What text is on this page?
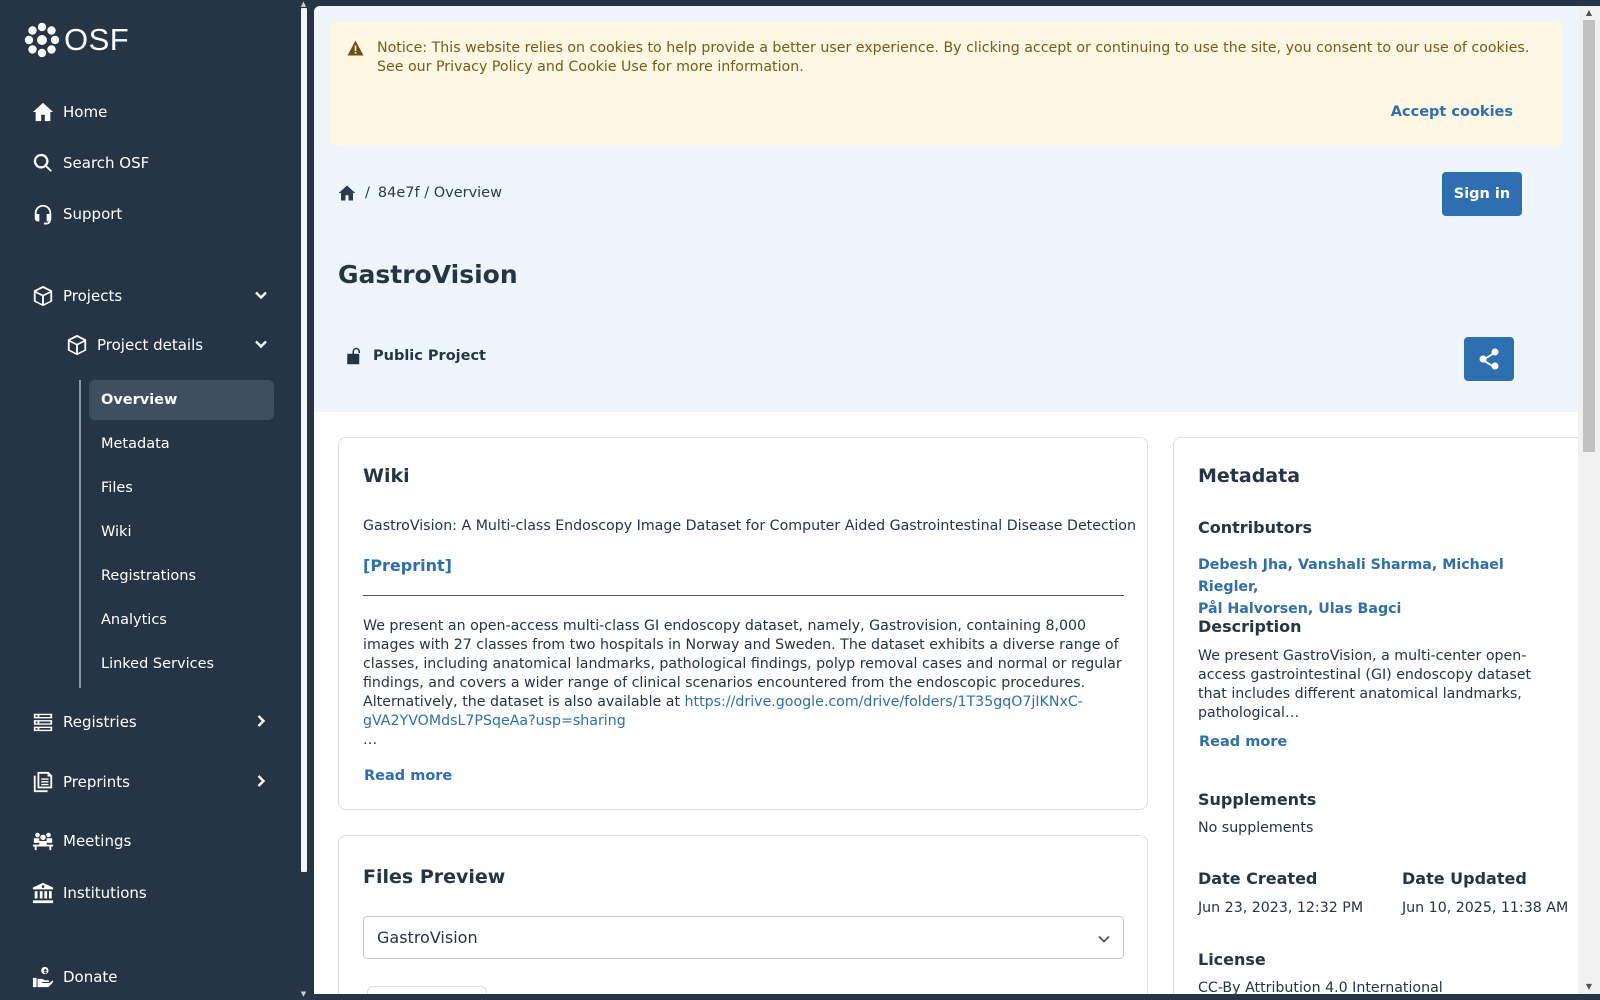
OSF
Home
Search OSF
Support
Projects
Project details
Overview
Metadata
Files
Wiki
Registrations
Analytics
Linked Services
Registries
Preprints
Meetings
Institutions
Donate
▲
▼
Notice: This website relies on cookies to help provide a better user experience. By clicking accept or continuing to use the site, you consent to our use of cookies. See our Privacy Policy and Cookie Use for more information.
Accept cookies
/ 84e7f / Overview	Sign in
GastroVision
Public Project
Wiki
GastroVision: A Multi-class Endoscopy Image Dataset for Computer Aided Gastrointestinal Disease Detection
[Preprint]
We present an open-access multi-class GI endoscopy dataset, namely, Gastrovision, containing 8,000 images with 27 classes from two hospitals in Norway and Sweden. The dataset exhibits a diverse range of classes, including anatomical landmarks, pathological findings, polyp removal cases and normal or regular findings, and covers a wider range of clinical scenarios encountered from the endoscopic procedures. Alternatively, the dataset is also available at https://drive.google.com/drive/folders/1T35gqO7jIKNxC-gVA2YVOMdsL7PSqeAa?usp=sharing
…
Read more
Files Preview
GastroVision
Metadata
Contributors
Debesh Jha, Vanshali Sharma, Michael Riegler,
Pål Halvorsen, Ulas Bagci
Description
We present GastroVision, a multi-center open-access gastrointestinal (GI) endoscopy dataset that includes different anatomical landmarks, pathological…
Read more
Supplements
No supplements
Date Created
Jun 23, 2023, 12:32 PM
Date Updated
Jun 10, 2025, 11:38 AM
License
CC-By Attribution 4.0 International
▲
▼
